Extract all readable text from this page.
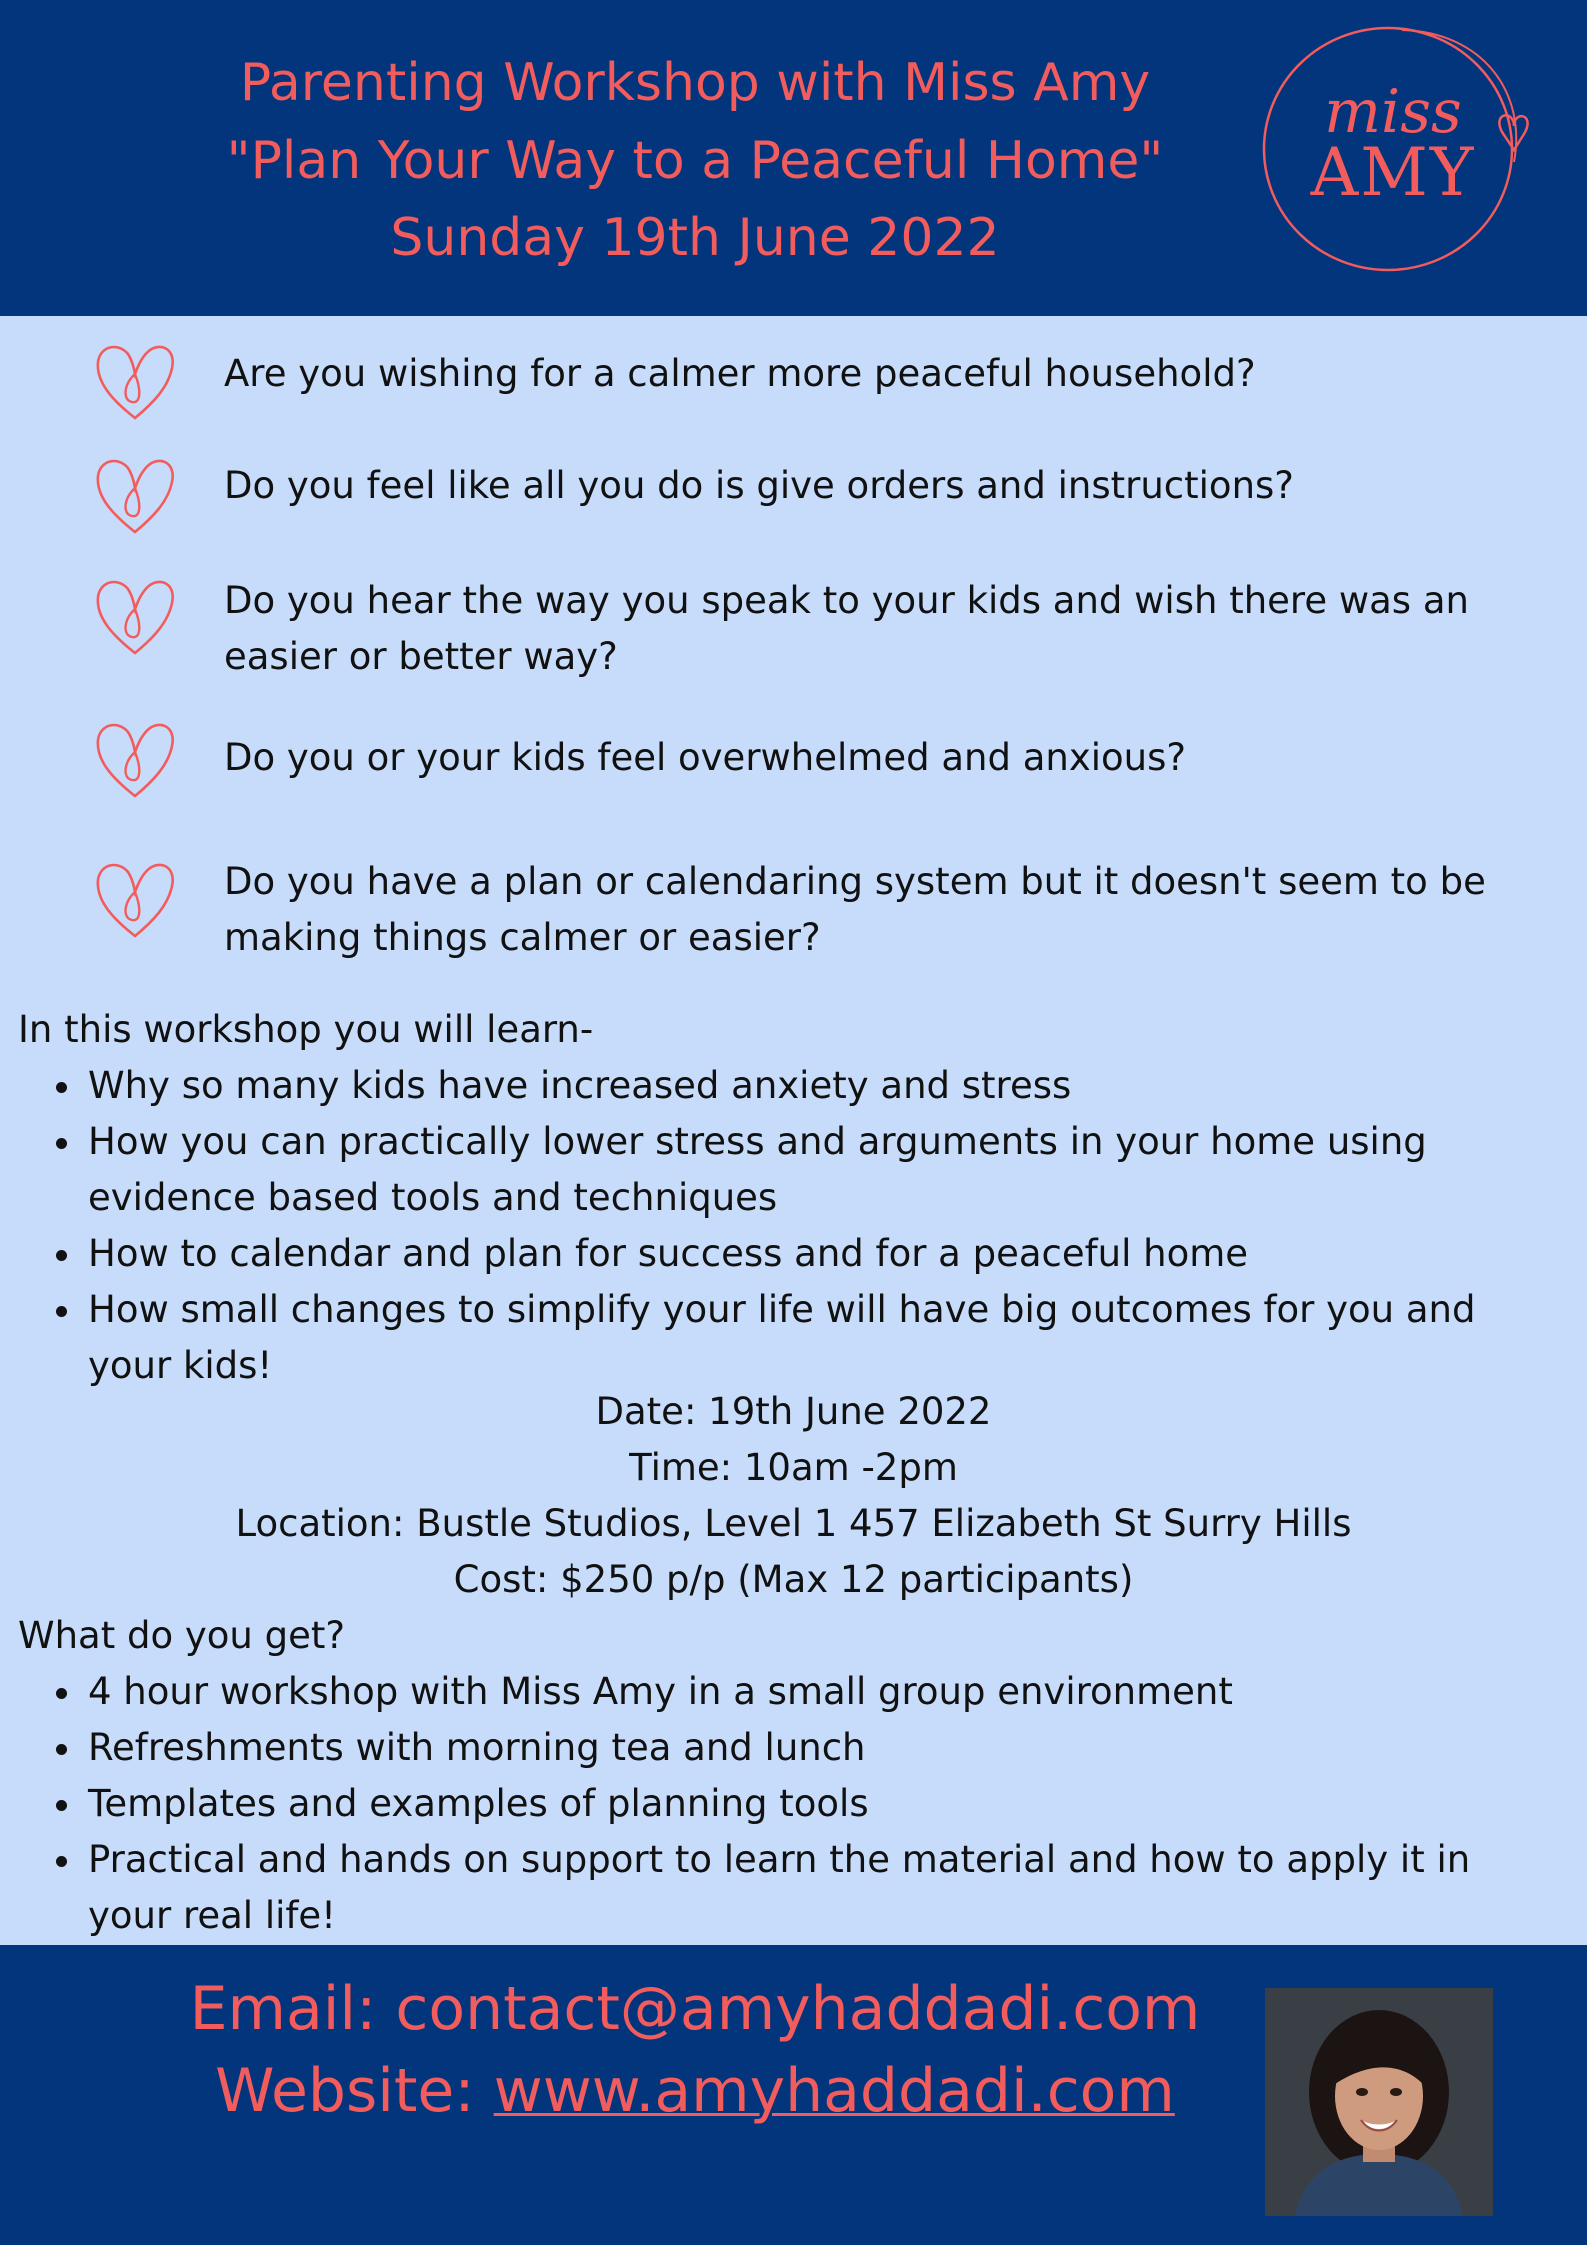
Parenting Workshop with Miss Amy
"Plan Your Way to a Peaceful Home"
Sunday 19th June 2022
miss
AMY
Are you wishing for a calmer more peaceful household?
Do you feel like all you do is give orders and instructions?
Do you hear the way you speak to your kids and wish there was an easier or better way?
Do you or your kids feel overwhelmed and anxious?
Do you have a plan or calendaring system but it doesn't seem to be making things calmer or easier?
In this workshop you will learn-
Why so many kids have increased anxiety and stress
How you can practically lower stress and arguments in your home using evidence based tools and techniques
How to calendar and plan for success and for a peaceful home
How small changes to simplify your life will have big outcomes for you and your kids!
Date: 19th June 2022
Time: 10am -2pm
Location: Bustle Studios, Level 1 457 Elizabeth St Surry Hills
Cost: $250 p/p (Max 12 participants)
What do you get?
4 hour workshop with Miss Amy in a small group environment
Refreshments with morning tea and lunch
Templates and examples of planning tools
Practical and hands on support to learn the material and how to apply it in your real life!
Email: contact@amyhaddadi.com
Website: www.amyhaddadi.com
